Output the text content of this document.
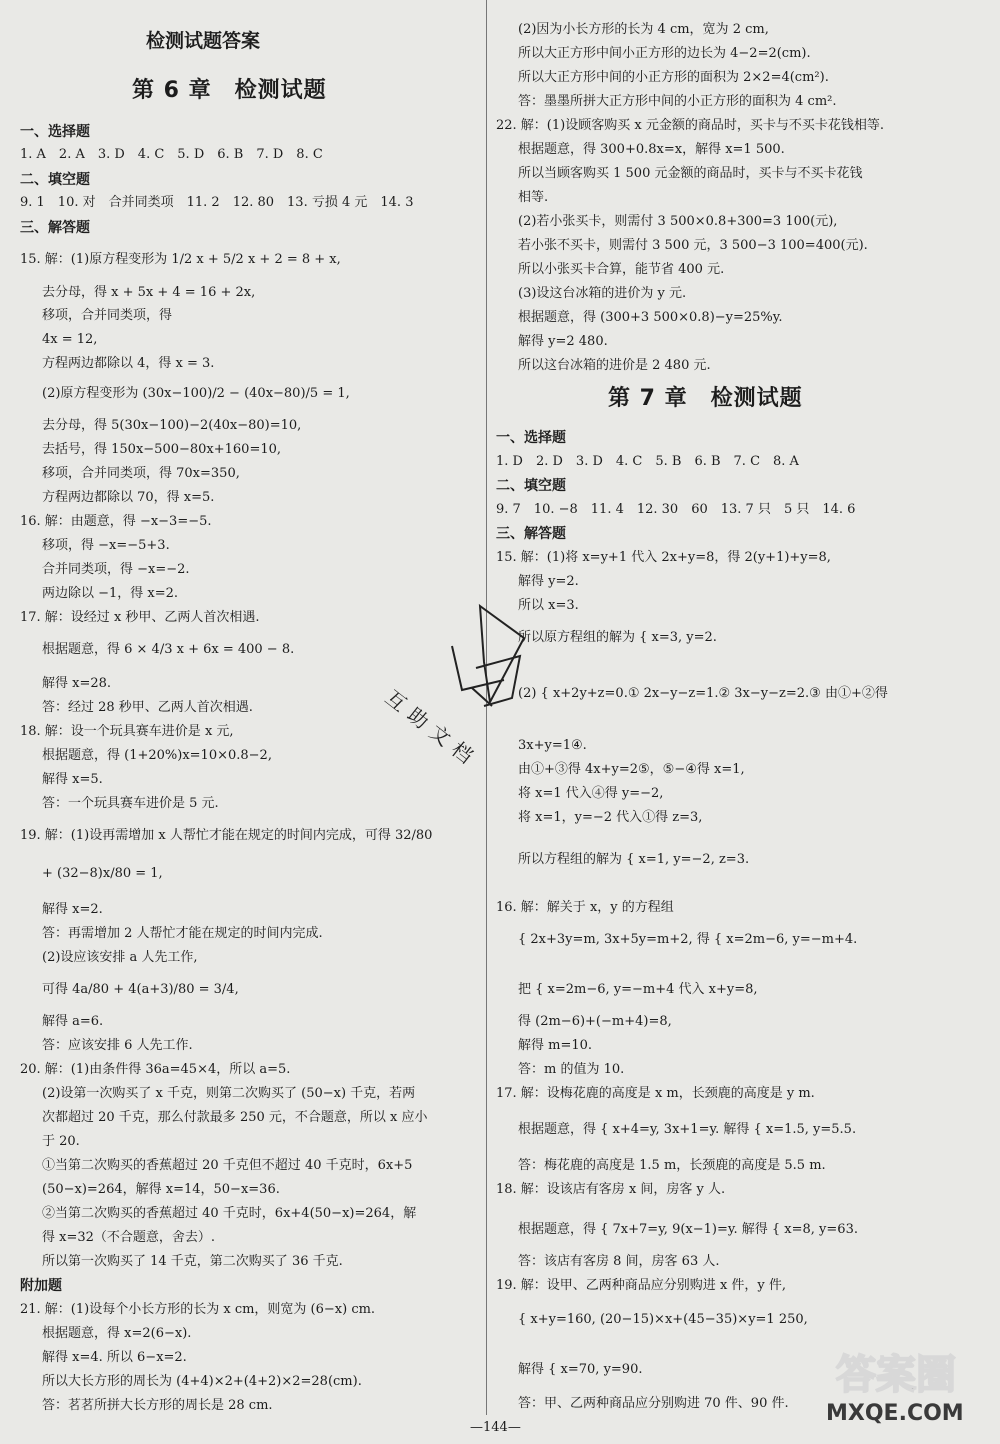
检测试题答案
第 6 章　检测试题
一、选择题
1. A　2. A　3. D　4. C　5. D　6. B　7. D　8. C
二、填空题
9. 1　10. 对　合并同类项　11. 2　12. 80　13. 亏损 4 元　14. 3
三、解答题
15. 解：(1)原方程变形为 1/2 x + 5/2 x + 2 = 8 + x,
去分母，得 x + 5x + 4 = 16 + 2x,
移项，合并同类项，得
4x = 12,
方程两边都除以 4，得 x = 3.
(2)原方程变形为 (30x−100)/2 − (40x−80)/5 = 1,
去分母，得 5(30x−100)−2(40x−80)=10,
去括号，得 150x−500−80x+160=10,
移项，合并同类项，得 70x=350,
方程两边都除以 70，得 x=5.
16. 解：由题意，得 −x−3=−5.
移项，得 −x=−5+3.
合并同类项，得 −x=−2.
两边除以 −1，得 x=2.
17. 解：设经过 x 秒甲、乙两人首次相遇.
根据题意，得 6 × 4/3 x + 6x = 400 − 8.
解得 x=28.
答：经过 28 秒甲、乙两人首次相遇.
18. 解：设一个玩具赛车进价是 x 元,
根据题意，得 (1+20%)x=10×0.8−2,
解得 x=5.
答：一个玩具赛车进价是 5 元.
19. 解：(1)设再需增加 x 人帮忙才能在规定的时间内完成，可得 32/80
+ (32−8)x/80 = 1,
解得 x=2.
答：再需增加 2 人帮忙才能在规定的时间内完成.
(2)设应该安排 a 人先工作,
可得 4a/80 + 4(a+3)/80 = 3/4,
解得 a=6.
答：应该安排 6 人先工作.
20. 解：(1)由条件得 36a=45×4，所以 a=5.
(2)设第一次购买了 x 千克，则第二次购买了 (50−x) 千克，若两
次都超过 20 千克，那么付款最多 250 元，不合题意，所以 x 应小
于 20.
①当第二次购买的香蕉超过 20 千克但不超过 40 千克时，6x+5
(50−x)=264，解得 x=14，50−x=36.
②当第二次购买的香蕉超过 40 千克时，6x+4(50−x)=264，解
得 x=32（不合题意，舍去）.
所以第一次购买了 14 千克，第二次购买了 36 千克.
附加题
21. 解：(1)设每个小长方形的长为 x cm，则宽为 (6−x) cm.
根据题意，得 x=2(6−x).
解得 x=4. 所以 6−x=2.
所以大长方形的周长为 (4+4)×2+(4+2)×2=28(cm).
答：茗茗所拼大长方形的周长是 28 cm.
(2)因为小长方形的长为 4 cm，宽为 2 cm,
所以大正方形中间小正方形的边长为 4−2=2(cm).
所以大正方形中间的小正方形的面积为 2×2=4(cm²).
答：墨墨所拼大正方形中间的小正方形的面积为 4 cm².
22. 解：(1)设顾客购买 x 元金额的商品时，买卡与不买卡花钱相等.
根据题意，得 300+0.8x=x，解得 x=1 500.
所以当顾客购买 1 500 元金额的商品时，买卡与不买卡花钱
相等.
(2)若小张买卡，则需付 3 500×0.8+300=3 100(元),
若小张不买卡，则需付 3 500 元，3 500−3 100=400(元).
所以小张买卡合算，能节省 400 元.
(3)设这台冰箱的进价为 y 元.
根据题意，得 (300+3 500×0.8)−y=25%y.
解得 y=2 480.
所以这台冰箱的进价是 2 480 元.
第 7 章　检测试题
一、选择题
1. D　2. D　3. D　4. C　5. B　6. B　7. C　8. A
二、填空题
9. 7　10. −8　11. 4　12. 30　60　13. 7 只　5 只　14. 6
三、解答题
15. 解：(1)将 x=y+1 代入 2x+y=8，得 2(y+1)+y=8,
解得 y=2.
所以 x=3.
所以原方程组的解为 { x=3, y=2.
(2) { x+2y+z=0.① 2x−y−z=1.② 3x−y−z=2.③ 由①+②得
3x+y=1④.
由①+③得 4x+y=2⑤，⑤−④得 x=1,
将 x=1 代入④得 y=−2,
将 x=1，y=−2 代入①得 z=3,
所以方程组的解为 { x=1, y=−2, z=3.
16. 解：解关于 x，y 的方程组
{ 2x+3y=m, 3x+5y=m+2, 得 { x=2m−6, y=−m+4.
把 { x=2m−6, y=−m+4 代入 x+y=8,
得 (2m−6)+(−m+4)=8,
解得 m=10.
答：m 的值为 10.
17. 解：设梅花鹿的高度是 x m，长颈鹿的高度是 y m.
根据题意，得 { x+4=y, 3x+1=y. 解得 { x=1.5, y=5.5.
答：梅花鹿的高度是 1.5 m，长颈鹿的高度是 5.5 m.
18. 解：设该店有客房 x 间，房客 y 人.
根据题意，得 { 7x+7=y, 9(x−1)=y. 解得 { x=8, y=63.
答：该店有客房 8 间，房客 63 人.
19. 解：设甲、乙两种商品应分别购进 x 件，y 件,
{ x+y=160, (20−15)×x+(45−35)×y=1 250,
解得 { x=70, y=90.
答：甲、乙两种商品应分别购进 70 件、90 件.
互助文档
—144—
答案圈
MXQE.COM
